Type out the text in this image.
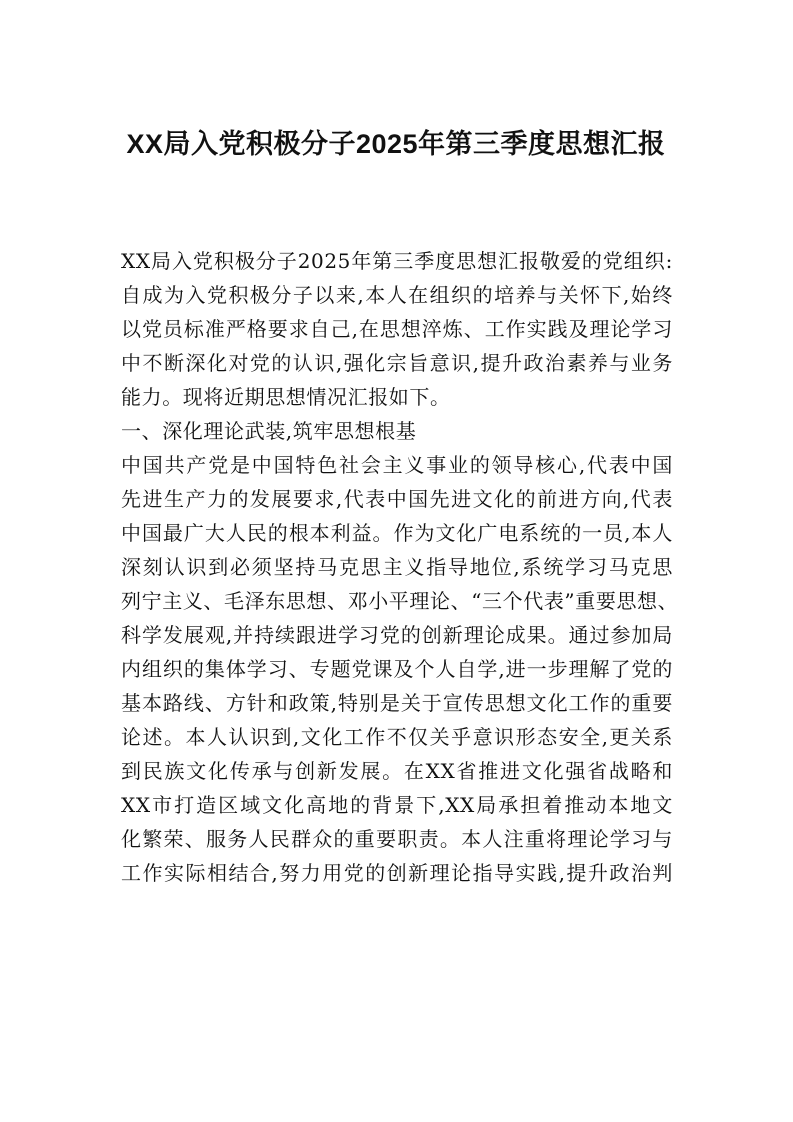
XX局入党积极分子2025年第三季度思想汇报
XX局入党积极分子2025年第三季度思想汇报敬爱的党组织:
自成为入党积极分子以来,本人在组织的培养与关怀下,始终
以党员标准严格要求自己,在思想淬炼、工作实践及理论学习
中不断深化对党的认识,强化宗旨意识,提升政治素养与业务
能力。现将近期思想情况汇报如下。
一、深化理论武装,筑牢思想根基
中国共产党是中国特色社会主义事业的领导核心,代表中国
先进生产力的发展要求,代表中国先进文化的前进方向,代表
中国最广大人民的根本利益。作为文化广电系统的一员,本人
深刻认识到必须坚持马克思主义指导地位,系统学习马克思
列宁主义、毛泽东思想、邓小平理论、“三个代表”重要思想、
科学发展观,并持续跟进学习党的创新理论成果。通过参加局
内组织的集体学习、专题党课及个人自学,进一步理解了党的
基本路线、方针和政策,特别是关于宣传思想文化工作的重要
论述。本人认识到,文化工作不仅关乎意识形态安全,更关系
到民族文化传承与创新发展。在XX省推进文化强省战略和
XX市打造区域文化高地的背景下,XX局承担着推动本地文
化繁荣、服务人民群众的重要职责。本人注重将理论学习与
工作实际相结合,努力用党的创新理论指导实践,提升政治判
